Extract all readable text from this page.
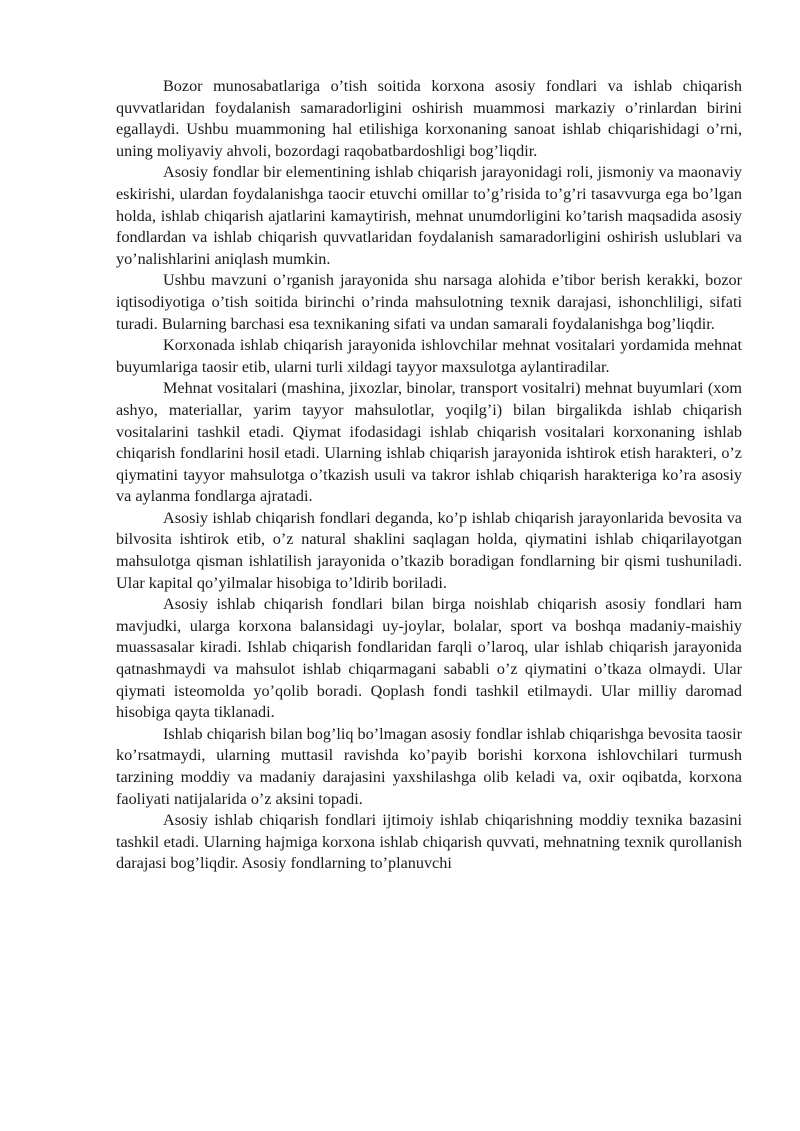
Bozor munosabatlariga o’tish soitida korxona asosiy fondlari va ishlab chiqarish quvvatlaridan foydalanish samaradorligini oshirish muammosi markaziy o’rinlardan birini egallaydi. Ushbu muammoning hal etilishiga korxonaning sanoat ishlab chiqarishidagi o’rni, uning moliyaviy ahvoli, bozordagi raqobatbardoshligi bog’liqdir.

Asosiy fondlar bir elementining ishlab chiqarish jarayonidagi roli, jismoniy va maonaviy eskirishi, ulardan foydalanishga taocir etuvchi omillar to’g’risida to’g’ri tasavvurga ega bo’lgan holda, ishlab chiqarish ajatlarini kamaytirish, mehnat unumdorligini ko’tarish maqsadida asosiy fondlardan va ishlab chiqarish quvvatlaridan foydalanish samaradorligini oshirish uslublari va yo’nalishlarini aniqlash mumkin.

Ushbu mavzuni o’rganish jarayonida shu narsaga alohida e’tibor berish kerakki, bozor iqtisodiyotiga o’tish soitida birinchi o’rinda mahsulotning texnik darajasi, ishonchliligi, sifati turadi. Bularning barchasi esa texnikaning sifati va undan samarali foydalanishga bog’liqdir.

Korxonada ishlab chiqarish jarayonida ishlovchilar mehnat vositalari yordamida mehnat buyumlariga taosir etib, ularni turli xildagi tayyor maxsulotga aylantiradilar.

Mehnat vositalari (mashina, jixozlar, binolar, transport vositalri) mehnat buyumlari (xom ashyo, materiallar, yarim tayyor mahsulotlar, yoqilg’i) bilan birgalikda ishlab chiqarish vositalarini tashkil etadi. Qiymat ifodasidagi ishlab chiqarish vositalari korxonaning ishlab chiqarish fondlarini hosil etadi. Ularning ishlab chiqarish jarayonida ishtirok etish harakteri, o’z qiymatini tayyor mahsulotga o’tkazish usuli va takror ishlab chiqarish harakteriga ko’ra asosiy va aylanma fondlarga ajratadi.

Asosiy ishlab chiqarish fondlari deganda, ko’p ishlab chiqarish jarayonlarida bevosita va bilvosita ishtirok etib, o’z natural shaklini saqlagan holda, qiymatini ishlab chiqarilayotgan mahsulotga qisman ishlatilish jarayonida o’tkazib boradigan fondlarning bir qismi tushuniladi. Ular kapital qo’yilmalar hisobiga to’ldirib boriladi.

Asosiy ishlab chiqarish fondlari bilan birga noishlab chiqarish asosiy fondlari ham mavjudki, ularga korxona balansidagi uy-joylar, bolalar, sport va boshqa madaniy-maishiy muassasalar kiradi. Ishlab chiqarish fondlaridan farqli o’laroq, ular ishlab chiqarish jarayonida qatnashmaydi va mahsulot ishlab chiqarmagani sababli o’z qiymatini o’tkaza olmaydi. Ular qiymati isteomolda yo’qolib boradi. Qoplash fondi tashkil etilmaydi. Ular milliy daromad hisobiga qayta tiklanadi.

Ishlab chiqarish bilan bog’liq bo’lmagan asosiy fondlar ishlab chiqarishga bevosita taosir ko’rsatmaydi, ularning muttasil ravishda ko’payib borishi korxona ishlovchilari turmush tarzining moddiy va madaniy darajasini yaxshilashga olib keladi va, oxir oqibatda, korxona faoliyati natijalarida o’z aksini topadi.

Asosiy ishlab chiqarish fondlari ijtimoiy ishlab chiqarishning moddiy texnika bazasini tashkil etadi. Ularning hajmiga korxona ishlab chiqarish quvvati, mehnatning texnik qurollanish darajasi bog’liqdir. Asosiy fondlarning to’planuvchi
